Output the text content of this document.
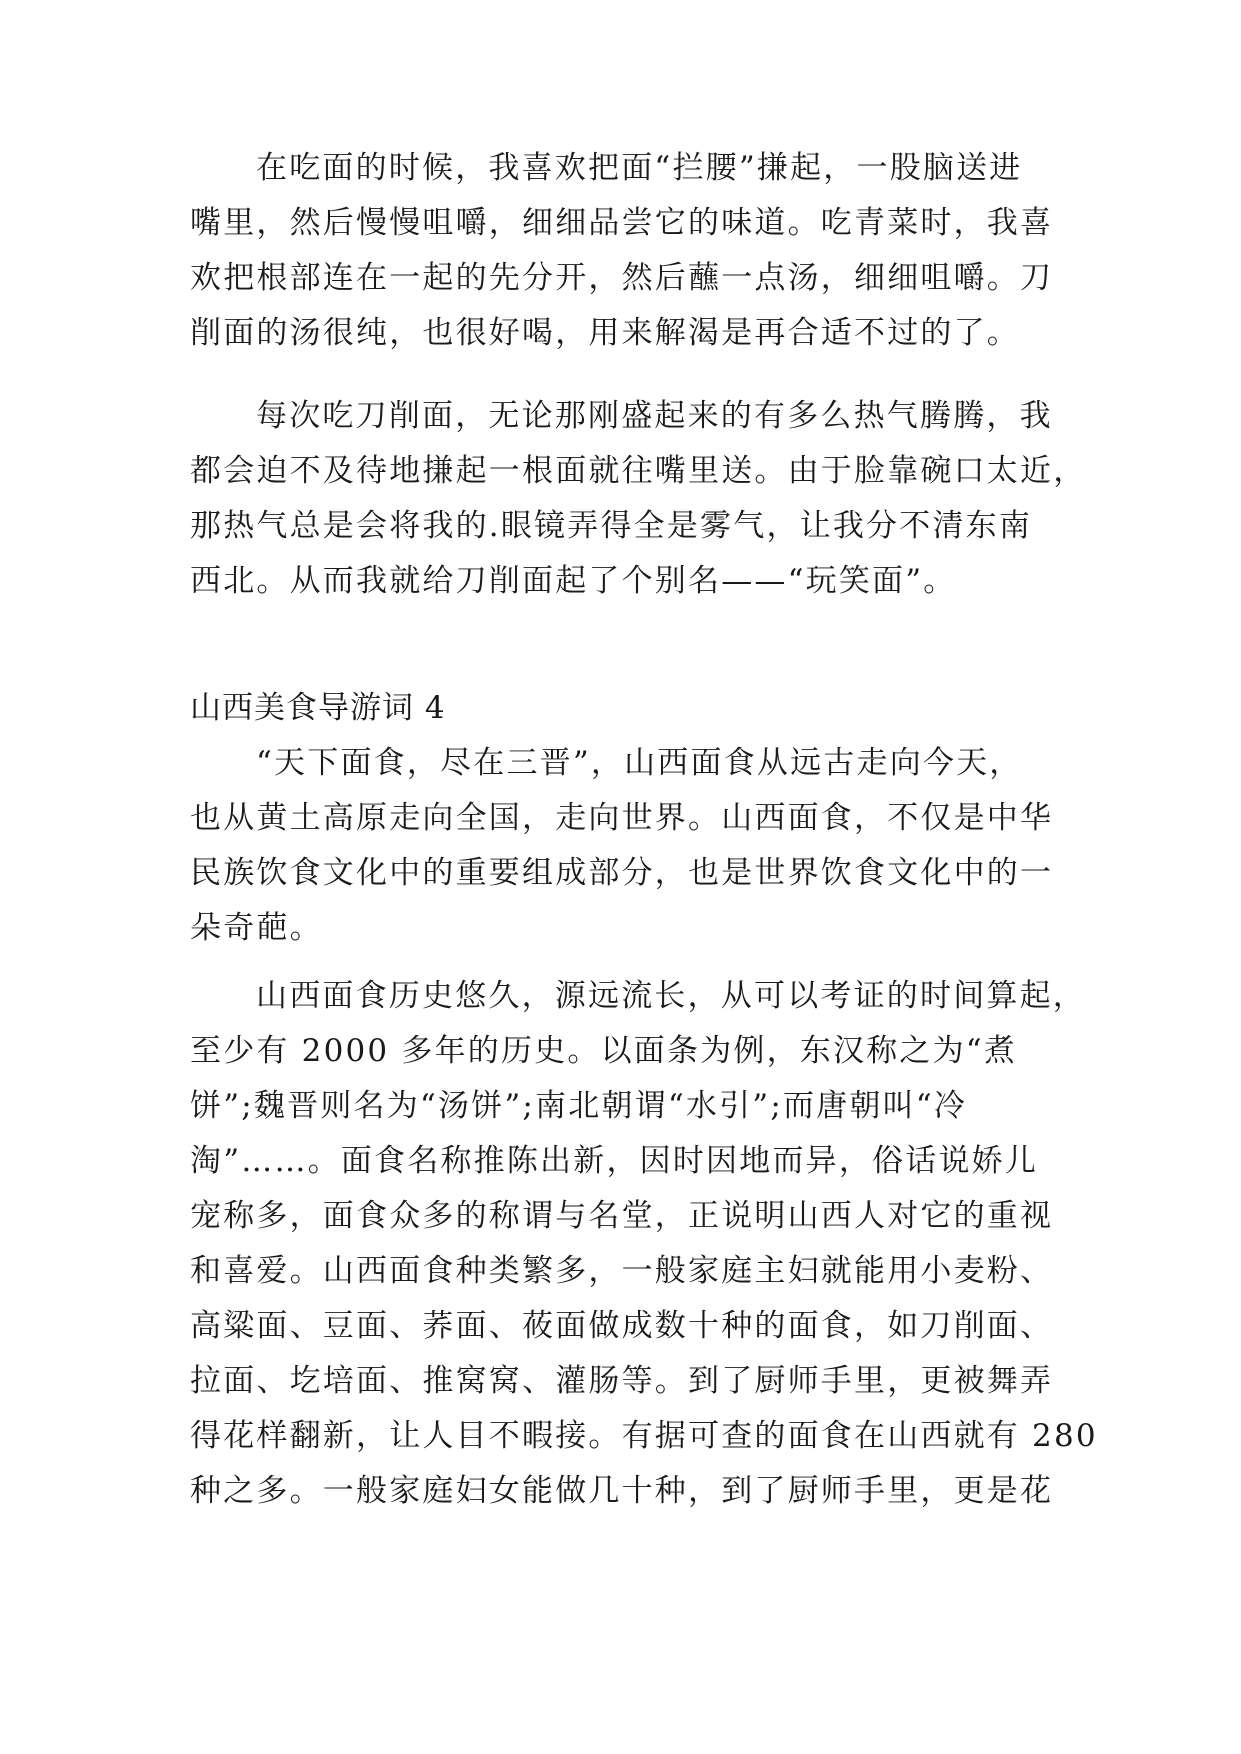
在吃面的时候，我喜欢把面“拦腰”搛起，一股脑送进
嘴里，然后慢慢咀嚼，细细品尝它的味道。吃青菜时，我喜
欢把根部连在一起的先分开，然后蘸一点汤，细细咀嚼。刀
削面的汤很纯，也很好喝，用来解渴是再合适不过的了。
每次吃刀削面，无论那刚盛起来的有多么热气腾腾，我
都会迫不及待地搛起一根面就往嘴里送。由于脸靠碗口太近，
那热气总是会将我的.眼镜弄得全是雾气，让我分不清东南
西北。从而我就给刀削面起了个别名——“玩笑面”。
山西美食导游词 4
“天下面食，尽在三晋”，山西面食从远古走向今天，
也从黄土高原走向全国，走向世界。山西面食，不仅是中华
民族饮食文化中的重要组成部分，也是世界饮食文化中的一
朵奇葩。
山西面食历史悠久，源远流长，从可以考证的时间算起，
至少有 2000 多年的历史。以面条为例，东汉称之为“煮
饼”;魏晋则名为“汤饼”;南北朝谓“水引”;而唐朝叫“冷
淘”……。面食名称推陈出新，因时因地而异，俗话说娇儿
宠称多，面食众多的称谓与名堂，正说明山西人对它的重视
和喜爱。山西面食种类繁多，一般家庭主妇就能用小麦粉、
高粱面、豆面、荞面、莜面做成数十种的面食，如刀削面、
拉面、圪培面、推窝窝、灌肠等。到了厨师手里，更被舞弄
得花样翻新，让人目不暇接。有据可查的面食在山西就有 280
种之多。一般家庭妇女能做几十种，到了厨师手里，更是花
